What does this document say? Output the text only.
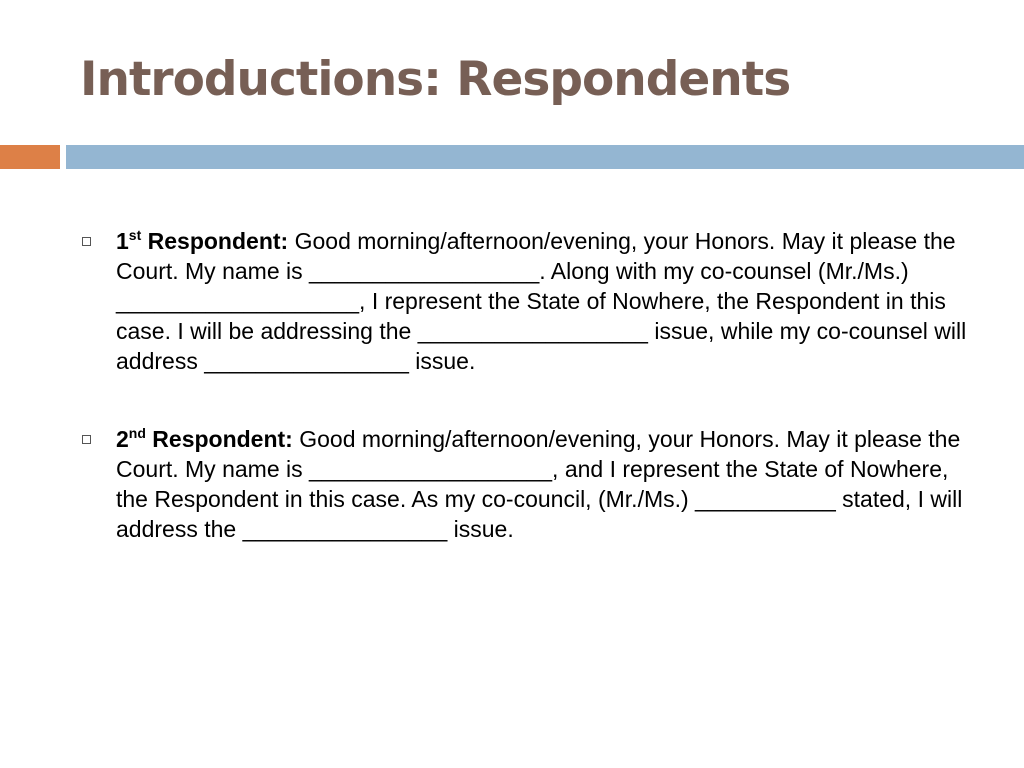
Introductions: Respondents
1st Respondent: Good morning/afternoon/evening, your Honors. May it please the Court. My name is __________________. Along with my co-counsel (Mr./Ms.) ___________________, I represent the State of Nowhere, the Respondent in this case. I will be addressing the __________________ issue, while my co-counsel will address ________________ issue.
2nd Respondent: Good morning/afternoon/evening, your Honors. May it please the Court. My name is ___________________, and I represent the State of Nowhere, the Respondent in this case. As my co-council, (Mr./Ms.) ___________ stated, I will address the ________________ issue.
